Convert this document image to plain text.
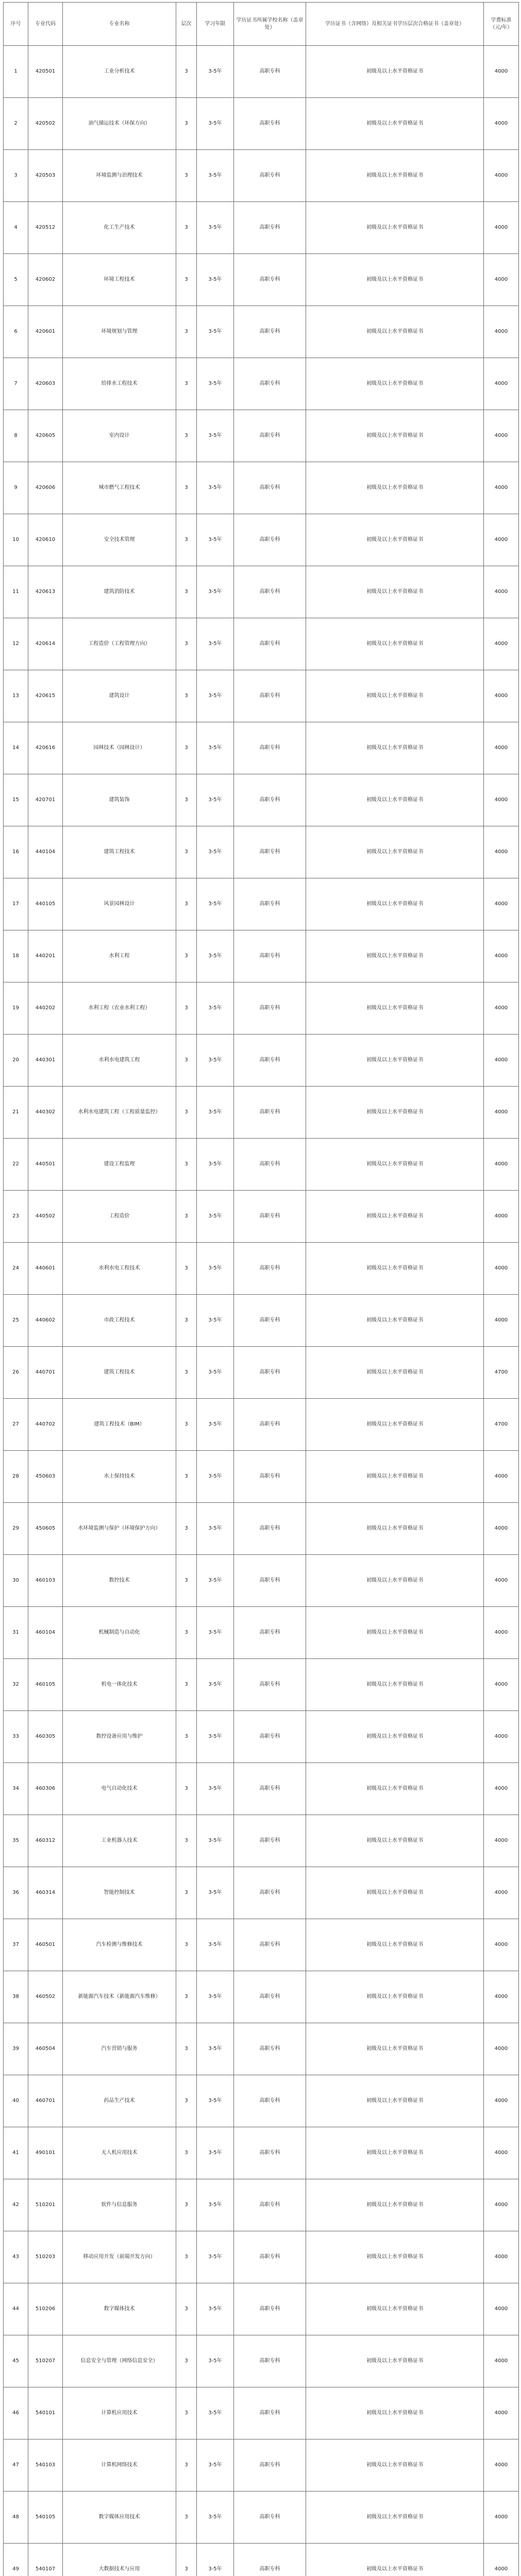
序号	专业代码	专业名称	层次	学习年限	学历证书所属学校名称（盖章处）	学历证书（含网络）及相关证书学历层次合格证书（盖章处）	学费标准（元/年）
1	420501	工业分析技术	3	3-5年	高职专科	初级及以上水平资格证书	4000
2	420502	油气储运技术（环保方向）	3	3-5年	高职专科	初级及以上水平资格证书	4000
3	420503	环境监测与治理技术	3	3-5年	高职专科	初级及以上水平资格证书	4000
4	420512	化工生产技术	3	3-5年	高职专科	初级及以上水平资格证书	4000
5	420602	环境工程技术	3	3-5年	高职专科	初级及以上水平资格证书	4000
6	420601	环境规划与管理	3	3-5年	高职专科	初级及以上水平资格证书	4000
7	420603	给排水工程技术	3	3-5年	高职专科	初级及以上水平资格证书	4000
8	420605	室内设计	3	3-5年	高职专科	初级及以上水平资格证书	4000
9	420606	城市燃气工程技术	3	3-5年	高职专科	初级及以上水平资格证书	4000
10	420610	安全技术管理	3	3-5年	高职专科	初级及以上水平资格证书	4000
11	420613	建筑消防技术	3	3-5年	高职专科	初级及以上水平资格证书	4000
12	420614	工程造价（工程管理方向）	3	3-5年	高职专科	初级及以上水平资格证书	4000
13	420615	建筑设计	3	3-5年	高职专科	初级及以上水平资格证书	4000
14	420616	园林技术（园林设计）	3	3-5年	高职专科	初级及以上水平资格证书	4000
15	420701	建筑装饰	3	3-5年	高职专科	初级及以上水平资格证书	4000
16	440104	建筑工程技术	3	3-5年	高职专科	初级及以上水平资格证书	4000
17	440105	风景园林设计	3	3-5年	高职专科	初级及以上水平资格证书	4000
18	440201	水利工程	3	3-5年	高职专科	初级及以上水平资格证书	4000
19	440202	水利工程（农业水利工程）	3	3-5年	高职专科	初级及以上水平资格证书	4000
20	440301	水利水电建筑工程	3	3-5年	高职专科	初级及以上水平资格证书	4000
21	440302	水利水电建筑工程（工程质量监控）	3	3-5年	高职专科	初级及以上水平资格证书	4000
22	440501	建设工程监理	3	3-5年	高职专科	初级及以上水平资格证书	4000
23	440502	工程造价	3	3-5年	高职专科	初级及以上水平资格证书	4000
24	440601	水利水电工程技术	3	3-5年	高职专科	初级及以上水平资格证书	4000
25	440602	市政工程技术	3	3-5年	高职专科	初级及以上水平资格证书	4000
26	440701	建筑工程技术	3	3-5年	高职专科	初级及以上水平资格证书	4700
27	440702	建筑工程技术（BIM）	3	3-5年	高职专科	初级及以上水平资格证书	4700
28	450603	水土保持技术	3	3-5年	高职专科	初级及以上水平资格证书	4000
29	450605	水环境监测与保护（环境保护方向）	3	3-5年	高职专科	初级及以上水平资格证书	4000
30	460103	数控技术	3	3-5年	高职专科	初级及以上水平资格证书	4000
31	460104	机械制造与自动化	3	3-5年	高职专科	初级及以上水平资格证书	4000
32	460105	机电一体化技术	3	3-5年	高职专科	初级及以上水平资格证书	4000
33	460305	数控设备应用与维护	3	3-5年	高职专科	初级及以上水平资格证书	4000
34	460306	电气自动化技术	3	3-5年	高职专科	初级及以上水平资格证书	4000
35	460312	工业机器人技术	3	3-5年	高职专科	初级及以上水平资格证书	4000
36	460314	智能控制技术	3	3-5年	高职专科	初级及以上水平资格证书	4000
37	460501	汽车检测与维修技术	3	3-5年	高职专科	初级及以上水平资格证书	4000
38	460502	新能源汽车技术（新能源汽车维修）	3	3-5年	高职专科	初级及以上水平资格证书	4000
39	460504	汽车营销与服务	3	3-5年	高职专科	初级及以上水平资格证书	4000
40	460701	药品生产技术	3	3-5年	高职专科	初级及以上水平资格证书	4000
41	490101	无人机应用技术	3	3-5年	高职专科	初级及以上水平资格证书	4000
42	510201	软件与信息服务	3	3-5年	高职专科	初级及以上水平资格证书	4000
43	510203	移动应用开发（前端开发方向）	3	3-5年	高职专科	初级及以上水平资格证书	4000
44	510206	数字媒体技术	3	3-5年	高职专科	初级及以上水平资格证书	4000
45	510207	信息安全与管理（网络信息安全）	3	3-5年	高职专科	初级及以上水平资格证书	4000
46	540101	计算机应用技术	3	3-5年	高职专科	初级及以上水平资格证书	4000
47	540103	计算机网络技术	3	3-5年	高职专科	初级及以上水平资格证书	4000
48	540105	数字媒体应用技术	3	3-5年	高职专科	初级及以上水平资格证书	4000
49	540107	大数据技术与应用	3	3-5年	高职专科	初级及以上水平资格证书	4000
